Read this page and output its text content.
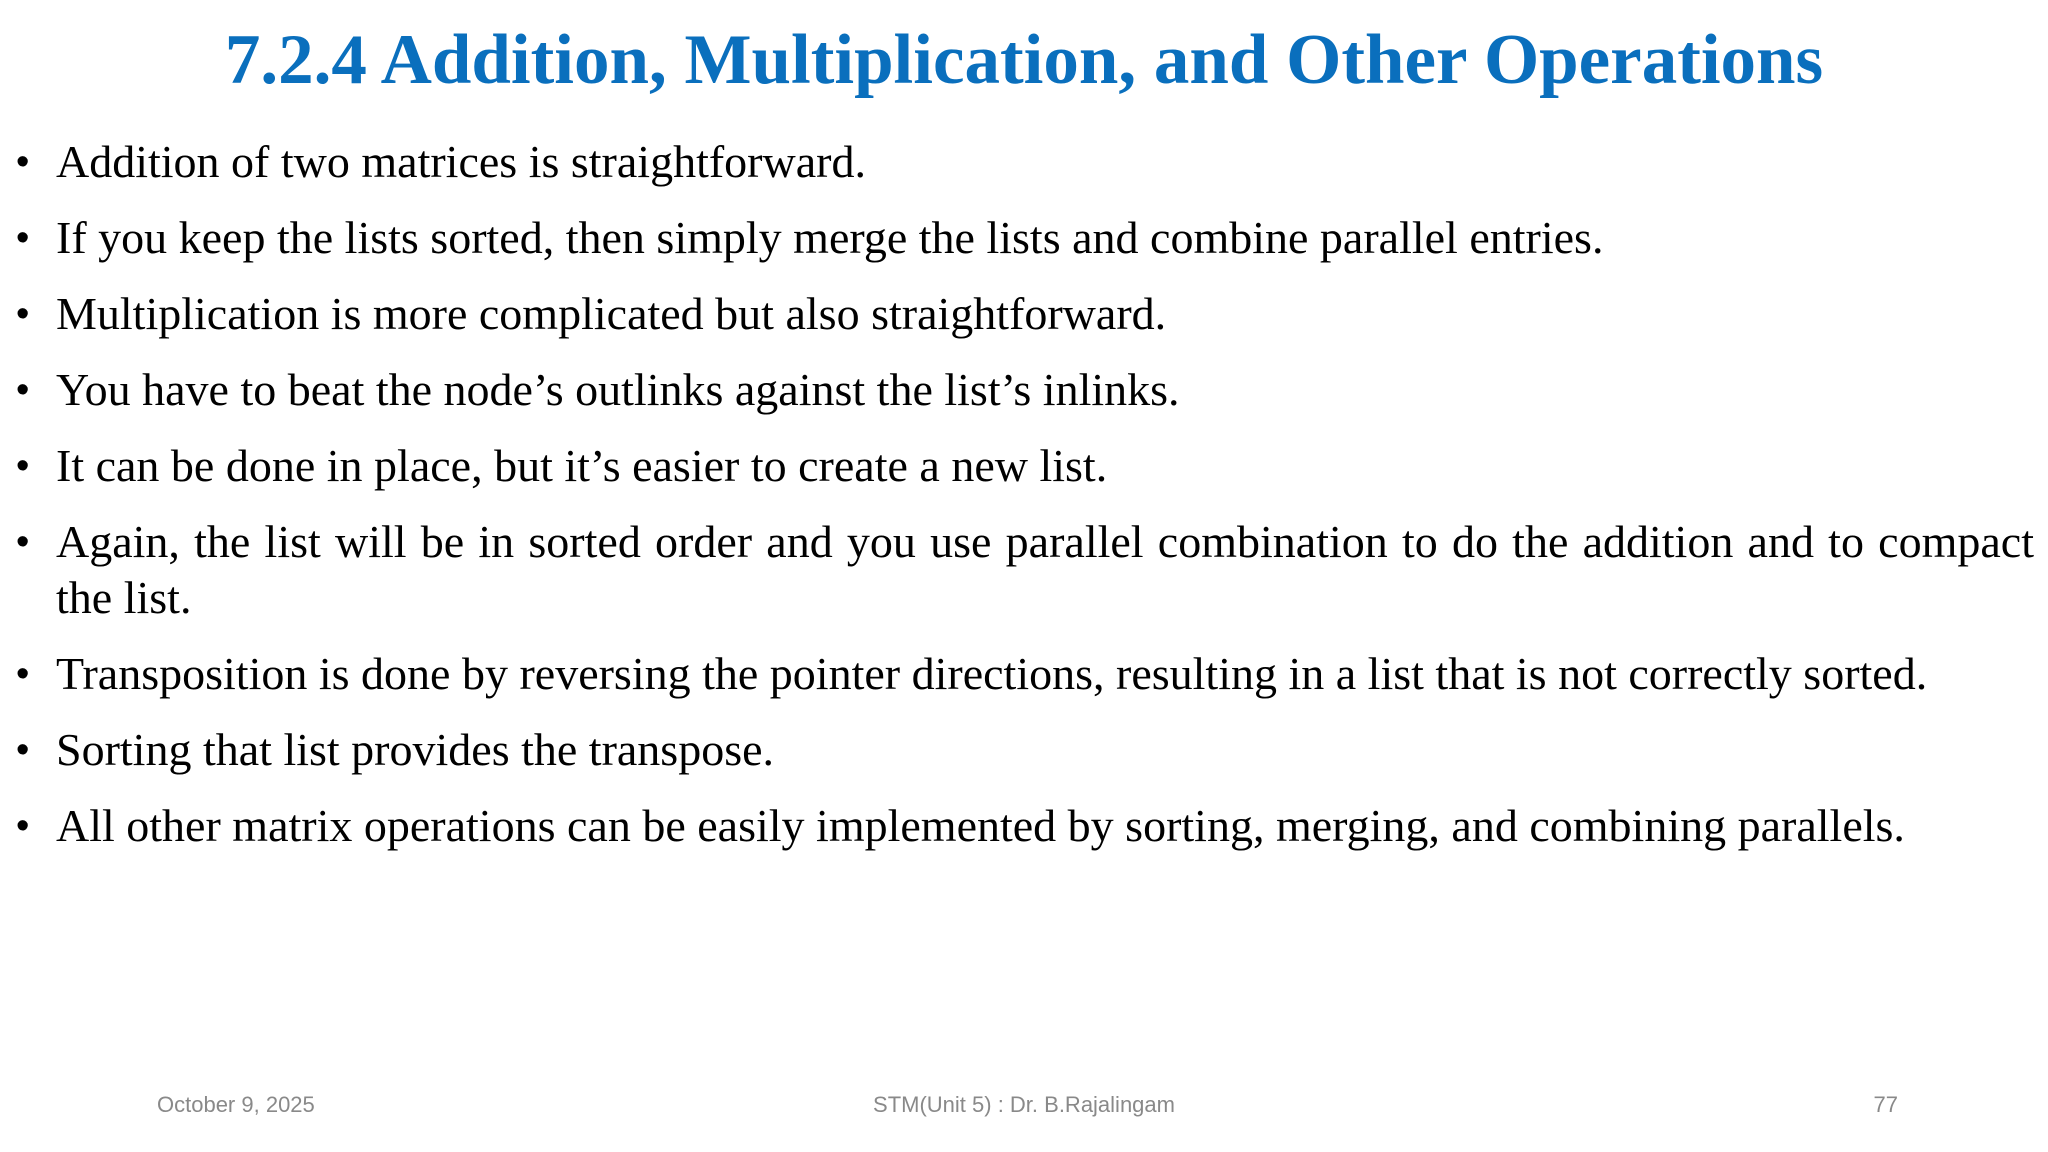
7.2.4 Addition, Multiplication, and Other Operations
• Addition of two matrices is straightforward.
• If you keep the lists sorted, then simply merge the lists and combine parallel entries.
• Multiplication is more complicated but also straightforward.
• You have to beat the node’s outlinks against the list’s inlinks.
• It can be done in place, but it’s easier to create a new list.
• Again, the list will be in sorted order and you use parallel combination to do the addition and to compact the list.
• Transposition is done by reversing the pointer directions, resulting in a list that is not correctly sorted.
• Sorting that list provides the transpose.
• All other matrix operations can be easily implemented by sorting, merging, and combining parallels.
October 9, 2025	STM(Unit 5) : Dr. B.Rajalingam	77
